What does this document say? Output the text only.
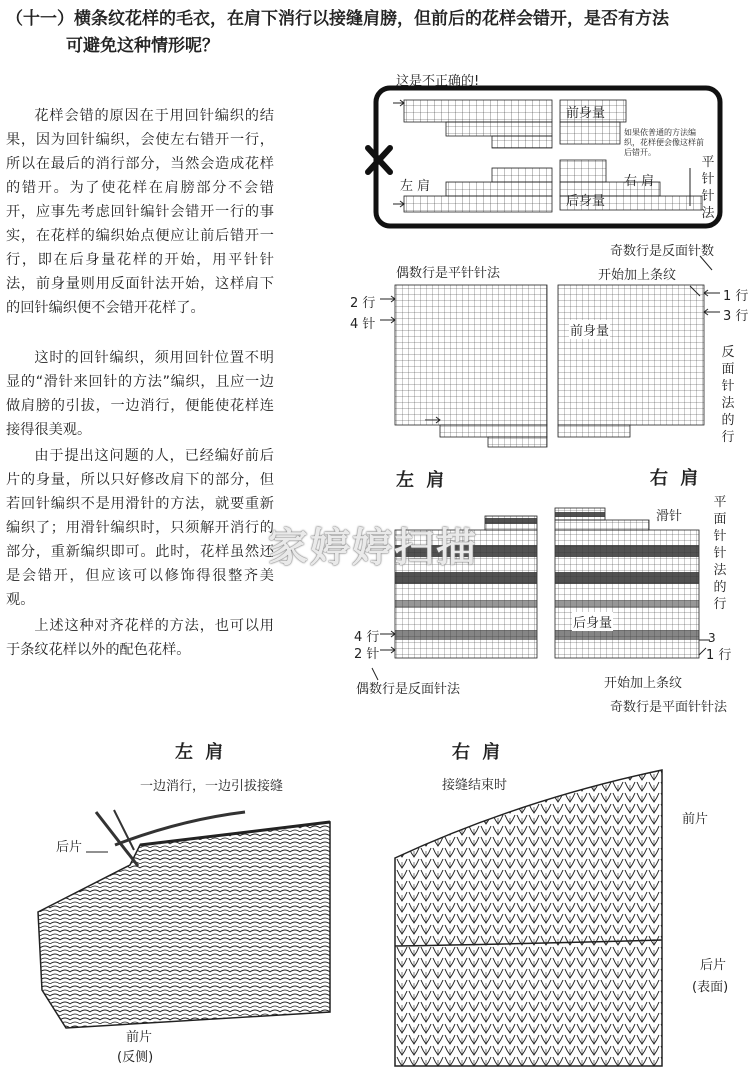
（十一）横条纹花样的毛衣，在肩下消行以接缝肩膀，但前后的花样会错开，是否有方法
可避免这种情形呢？
花样会错的原因在于用回针编织的结果，因为回针编织，会使左右错开一行，所以在最后的消行部分，当然会造成花样的错开。为了使花样在肩膀部分不会错开，应事先考虑回针编针会错开一行的事实，在花样的编织始点便应让前后错开一行，即在后身量花样的开始，用平针针法，前身量则用反面针法开始，这样肩下的回针编织便不会错开花样了。
这时的回针编织，须用回针位置不明显的“滑针来回针的方法”编织，且应一边做肩膀的引拔，一边消行，便能使花样连接得很美观。
由于提出这问题的人，已经编好前后片的身量，所以只好修改肩下的部分，但若回针编织不是用滑针的方法，就要重新编织了；用滑针编织时，只须解开消行的部分，重新编织即可。此时，花样虽然还是会错开，但应该可以修饰得很整齐美观。
上述这种对齐花样的方法，也可以用于条纹花样以外的配色花样。
这是不正确的!
前身量
如果依普通的方法编织，花样便会像这样前后错开。
左 肩	右 肩
后身量
平针针法
奇数行是反面针数
偶数行是平针针法	开始加上条纹
2 行
4 针
1 行
3 行
前身量
反面针法的行
左 肩	右 肩
滑针
平面针针法的行
后身量
4 行
2 针
3
1 行
偶数行是反面针法	开始加上条纹
奇数行是平面针针法
左 肩
一边消行，一边引拔接缝
后片
前片
(反侧)
右 肩
接缝结束时
前片
后片
(表面)
家婷婷扫描
